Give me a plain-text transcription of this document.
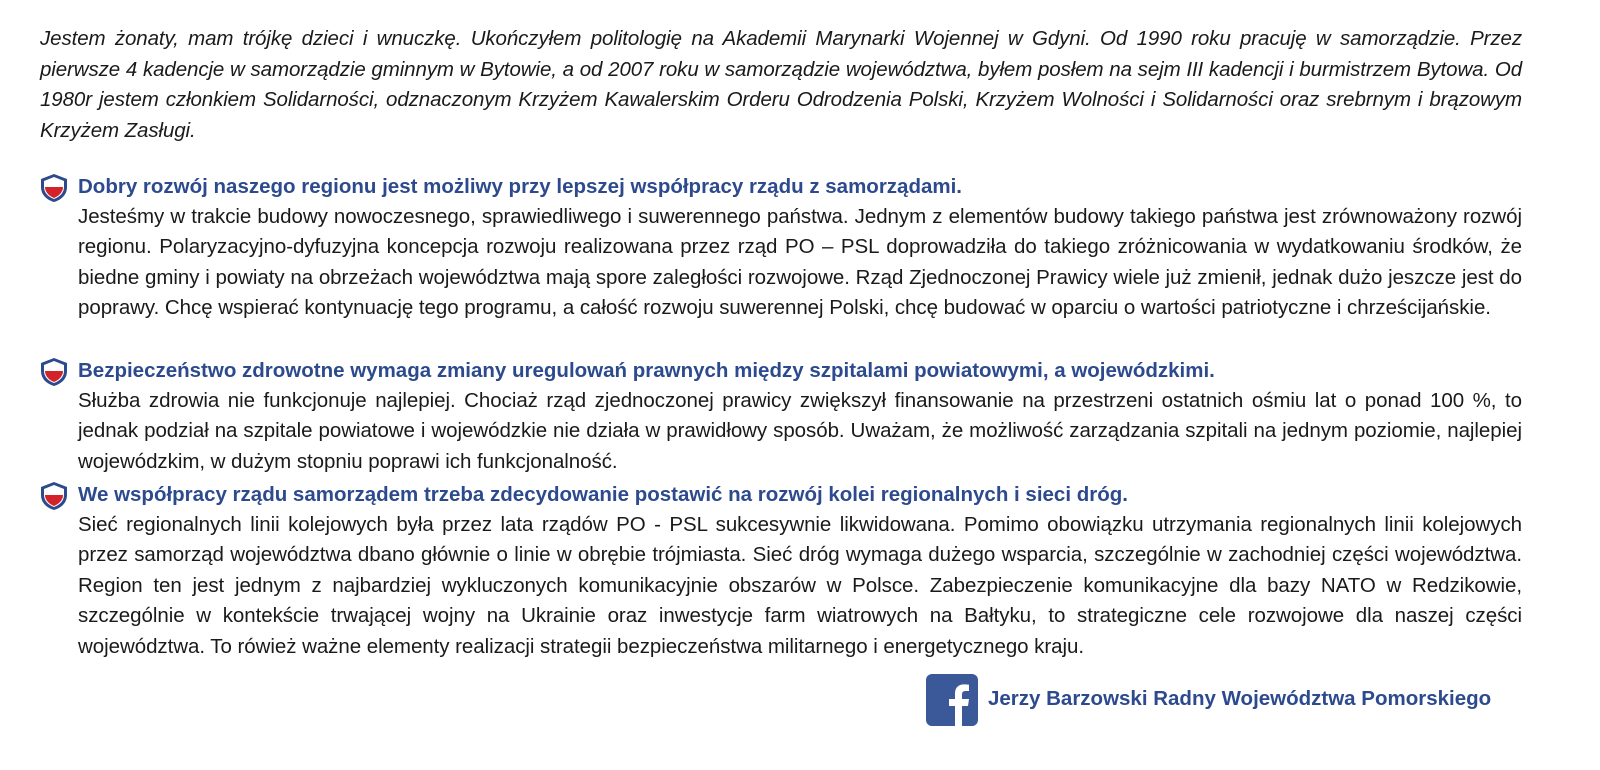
Jestem żonaty, mam trójkę dzieci i wnuczkę. Ukończyłem politologię na Akademii Marynarki Wojennej w Gdyni. Od 1990 roku pracuję w samorządzie. Przez pierwsze 4 kadencje w samorządzie gminnym w Bytowie, a od 2007 roku w samorządzie województwa, byłem posłem na sejm III kadencji i burmistrzem Bytowa. Od 1980r jestem członkiem Solidarności, odznaczonym Krzyżem Kawalerskim Orderu Odrodzenia Polski, Krzyżem Wolności i Solidarności oraz srebrnym i brązowym Krzyżem Zasługi.

Dobry rozwój naszego regionu jest możliwy przy lepszej współpracy rządu z samorządami.

Jesteśmy w trakcie budowy nowoczesnego, sprawiedliwego i suwerennego państwa. Jednym z elementów budowy takiego państwa jest zrównoważony rozwój regionu. Polaryzacyjno-dyfuzyjna koncepcja rozwoju realizowana przez rząd PO – PSL doprowadziła do takiego zróżnicowania w wydatkowaniu środków, że biedne gminy i powiaty na obrzeżach województwa mają spore zaległości rozwojowe. Rząd Zjednoczonej Prawicy wiele już zmienił, jednak dużo jeszcze jest do poprawy. Chcę wspierać kontynuację tego programu, a całość rozwoju suwerennej Polski, chcę budować w oparciu o wartości patriotyczne i chrześcijańskie.

Bezpieczeństwo zdrowotne wymaga zmiany uregulowań prawnych między szpitalami powiatowymi, a wojewódzkimi.

Służba zdrowia nie funkcjonuje najlepiej. Chociaż rząd zjednoczonej prawicy zwiększył finansowanie na przestrzeni ostatnich ośmiu lat o ponad 100 %, to jednak podział na szpitale powiatowe i wojewódzkie nie działa w prawidłowy sposób. Uważam, że możliwość zarządzania szpitali na jednym poziomie, najlepiej wojewódzkim, w dużym stopniu poprawi ich funkcjonalność.

We współpracy rządu samorządem trzeba zdecydowanie postawić na rozwój kolei regionalnych i sieci dróg.

Sieć regionalnych linii kolejowych była przez lata rządów PO - PSL sukcesywnie likwidowana. Pomimo obowiązku utrzymania regionalnych linii kolejowych przez samorząd województwa dbano głównie o linie w obrębie trójmiasta. Sieć dróg wymaga dużego wsparcia, szczególnie w zachodniej części województwa. Region ten jest jednym z najbardziej wykluczonych komunikacyjnie obszarów w Polsce. Zabezpieczenie komunikacyjne dla bazy NATO w Redzikowie, szczególnie w kontekście trwającej wojny na Ukrainie oraz inwestycje farm wiatrowych na Bałtyku, to strategiczne cele rozwojowe dla naszej części województwa. To rówież ważne elementy realizacji strategii bezpieczeństwa militarnego i energetycznego kraju.

Jerzy Barzowski Radny Województwa Pomorskiego
